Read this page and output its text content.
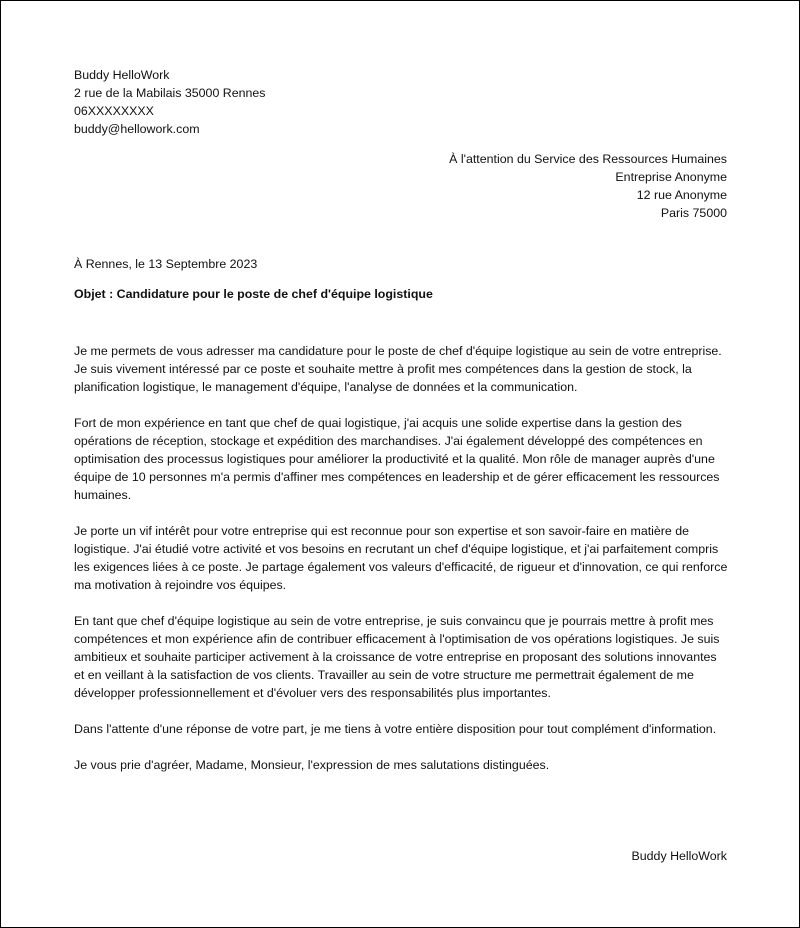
Buddy HelloWork
2 rue de la Mabilais 35000 Rennes
06XXXXXXXX
buddy@hellowork.com
À l'attention du Service des Ressources Humaines
Entreprise Anonyme
12 rue Anonyme
Paris 75000
À Rennes, le 13 Septembre 2023
Objet : Candidature pour le poste de chef d'équipe logistique

Je me permets de vous adresser ma candidature pour le poste de chef d'équipe logistique au sein de votre entreprise. Je suis vivement intéressé par ce poste et souhaite mettre à profit mes compétences dans la gestion de stock, la planification logistique, le management d'équipe, l'analyse de données et la communication.

Fort de mon expérience en tant que chef de quai logistique, j'ai acquis une solide expertise dans la gestion des opérations de réception, stockage et expédition des marchandises. J'ai également développé des compétences en optimisation des processus logistiques pour améliorer la productivité et la qualité. Mon rôle de manager auprès d'une équipe de 10 personnes m'a permis d'affiner mes compétences en leadership et de gérer efficacement les ressources humaines.

Je porte un vif intérêt pour votre entreprise qui est reconnue pour son expertise et son savoir-faire en matière de logistique. J'ai étudié votre activité et vos besoins en recrutant un chef d'équipe logistique, et j'ai parfaitement compris les exigences liées à ce poste. Je partage également vos valeurs d'efficacité, de rigueur et d'innovation, ce qui renforce ma motivation à rejoindre vos équipes.

En tant que chef d'équipe logistique au sein de votre entreprise, je suis convaincu que je pourrais mettre à profit mes compétences et mon expérience afin de contribuer efficacement à l'optimisation de vos opérations logistiques. Je suis ambitieux et souhaite participer activement à la croissance de votre entreprise en proposant des solutions innovantes et en veillant à la satisfaction de vos clients. Travailler au sein de votre structure me permettrait également de me développer professionnellement et d'évoluer vers des responsabilités plus importantes.

Dans l'attente d'une réponse de votre part, je me tiens à votre entière disposition pour tout complément d'information.

Je vous prie d'agréer, Madame, Monsieur, l'expression de mes salutations distinguées.

Buddy HelloWork
